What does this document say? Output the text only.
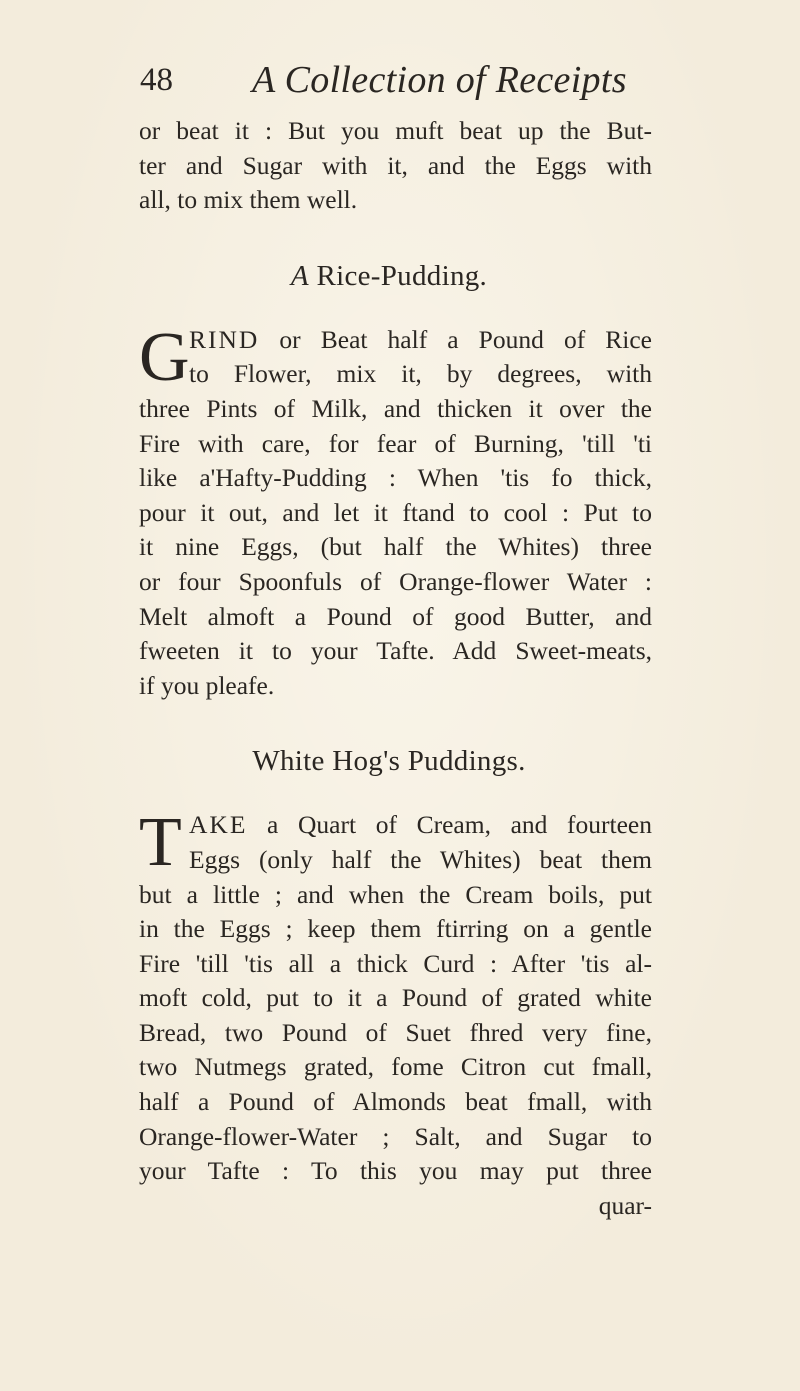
48 A Collection of Receipts
or beat it : But you muft beat up the But-
ter and Sugar with it, and the Eggs with
all, to mix them well.
A Rice-Pudding.
G RIND or Beat half a Pound of Rice
to Flower, mix it, by degrees, with
three Pints of Milk, and thicken it over the
Fire with care, for fear of Burning, 'till 'ti
like a'Hafty-Pudding : When 'tis fo thick,
pour it out, and let it ftand to cool : Put to
it nine Eggs, (but half the Whites) three
or four Spoonfuls of Orange-flower Water :
Melt almoft a Pound of good Butter, and
fweeten it to your Tafte. Add Sweet-meats,
if you pleafe.
White Hog's Puddings.
T AKE a Quart of Cream, and fourteen
Eggs (only half the Whites) beat them
but a little ; and when the Cream boils, put
in the Eggs ; keep them ftirring on a gentle
Fire 'till 'tis all a thick Curd : After 'tis al-
moft cold, put to it a Pound of grated white
Bread, two Pound of Suet fhred very fine,
two Nutmegs grated, fome Citron cut fmall,
half a Pound of Almonds beat fmall, with
Orange-flower-Water ; Salt, and Sugar to
your Tafte : To this you may put three
quar-
